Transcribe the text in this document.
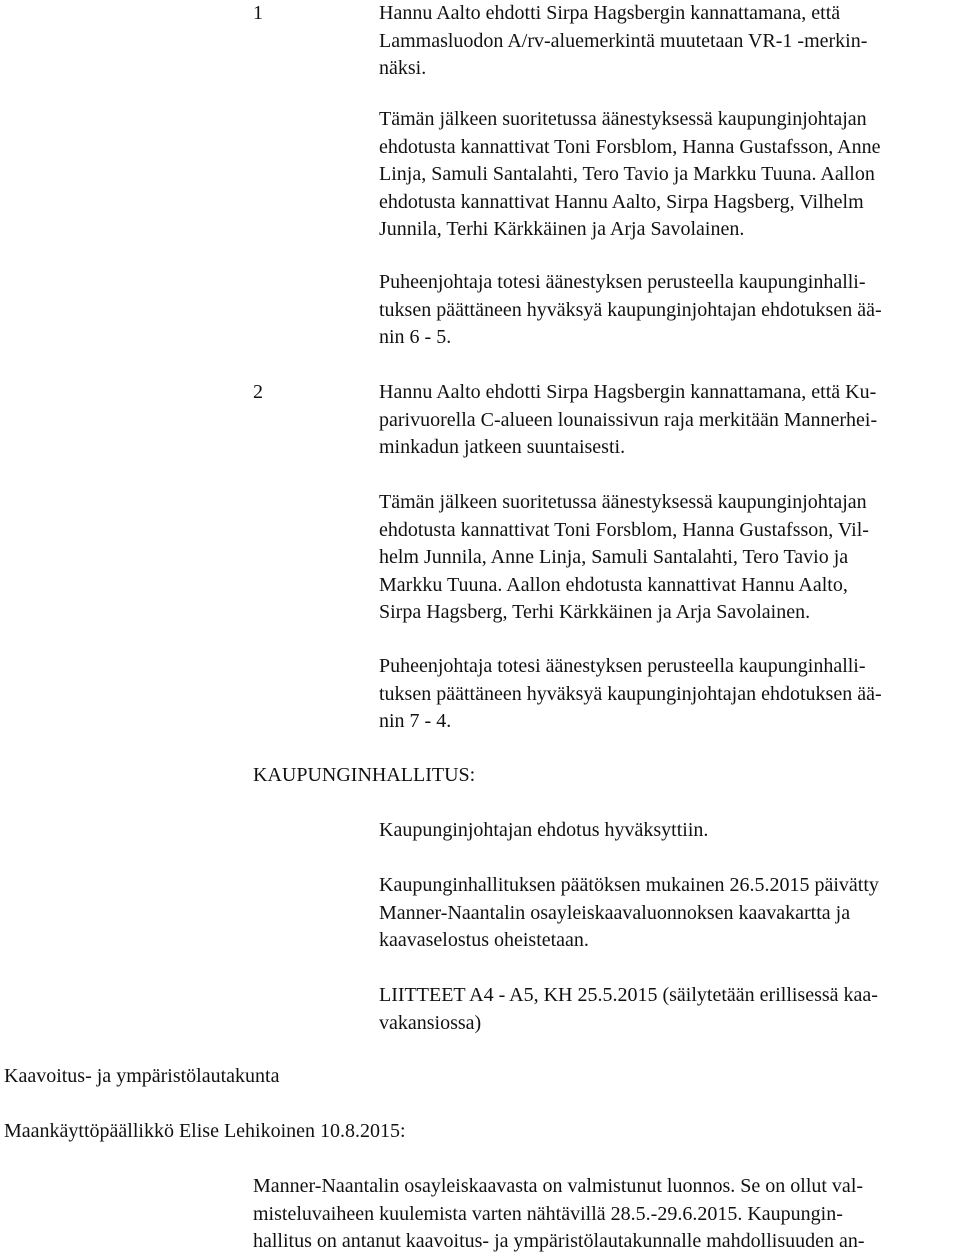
1	Hannu Aalto ehdotti Sirpa Hagsbergin kannattamana, että
Lammasluodon A/rv-aluemerkintä muutetaan VR-1 -merkin-
näksi.
Tämän jälkeen suoritetussa äänestyksessä kaupunginjohtajan
ehdotusta kannattivat Toni Forsblom, Hanna Gustafsson, Anne
Linja, Samuli Santalahti, Tero Tavio ja Markku Tuuna. Aallon
ehdotusta kannattivat Hannu Aalto, Sirpa Hagsberg, Vilhelm
Junnila, Terhi Kärkkäinen ja Arja Savolainen.
Puheenjohtaja totesi äänestyksen perusteella kaupunginhalli-
tuksen päättäneen hyväksyä kaupunginjohtajan ehdotuksen ää-
nin 6 - 5.
2	Hannu Aalto ehdotti Sirpa Hagsbergin kannattamana, että Ku-
parivuorella C-alueen lounaissivun raja merkitään Mannerhei-
minkadun jatkeen suuntaisesti.
Tämän jälkeen suoritetussa äänestyksessä kaupunginjohtajan
ehdotusta kannattivat Toni Forsblom, Hanna Gustafsson, Vil-
helm Junnila, Anne Linja, Samuli Santalahti, Tero Tavio ja
Markku Tuuna. Aallon ehdotusta kannattivat Hannu Aalto,
Sirpa Hagsberg, Terhi Kärkkäinen ja Arja Savolainen.
Puheenjohtaja totesi äänestyksen perusteella kaupunginhalli-
tuksen päättäneen hyväksyä kaupunginjohtajan ehdotuksen ää-
nin 7 - 4.
KAUPUNGINHALLITUS:
Kaupunginjohtajan ehdotus hyväksyttiin.
Kaupunginhallituksen päätöksen mukainen 26.5.2015 päivätty
Manner-Naantalin osayleiskaavaluonnoksen kaavakartta ja
kaavaselostus oheistetaan.
LIITTEET A4 - A5, KH 25.5.2015 (säilytetään erillisessä kaa-
vakansiossa)
Kaavoitus- ja ympäristölautakunta
Maankäyttöpäällikkö Elise Lehikoinen 10.8.2015:
Manner-Naantalin osayleiskaavasta on valmistunut luonnos. Se on ollut val-
misteluvaiheen kuulemista varten nähtävillä 28.5.-29.6.2015. Kaupungin-
hallitus on antanut kaavoitus- ja ympäristölautakunnalle mahdollisuuden an-
